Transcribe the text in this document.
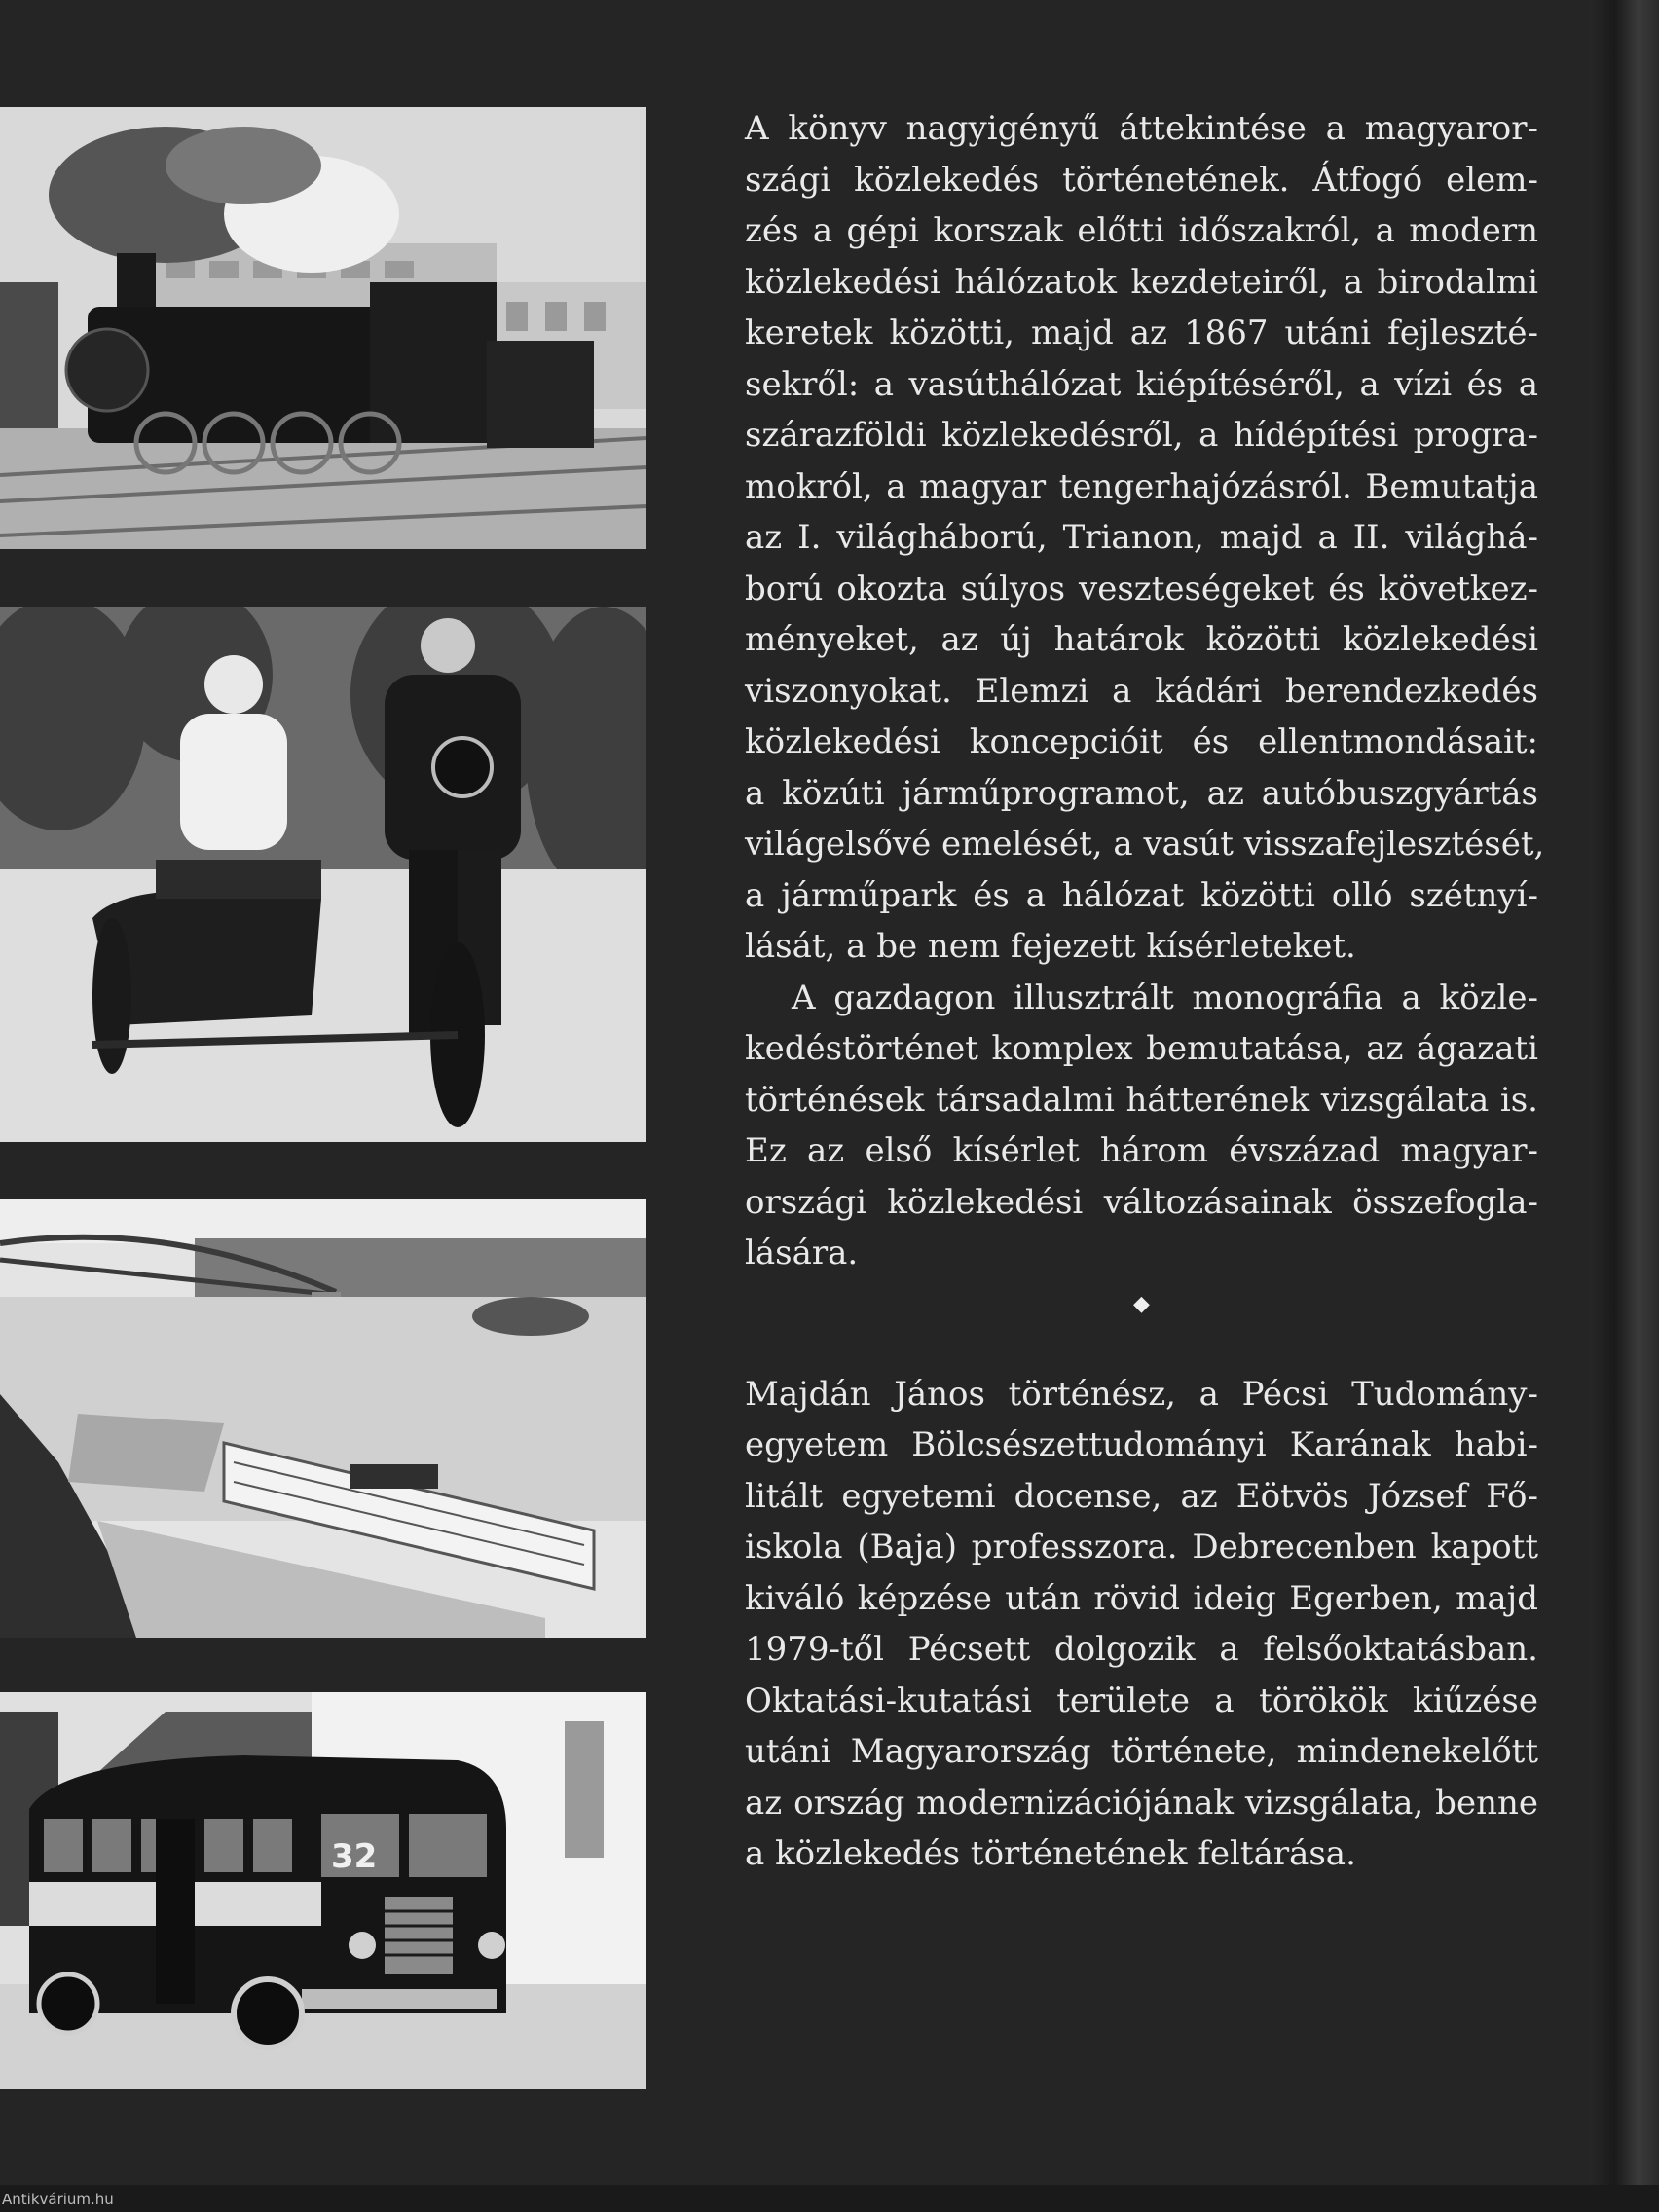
32

A könyv nagyigényű áttekintése a magyaror-
szági közlekedés történetének. Átfogó elem-
zés a gépi korszak előtti időszakról, a modern
közlekedési hálózatok kezdeteiről, a birodalmi
keretek közötti, majd az 1867 utáni fejleszté-
sekről: a vasúthálózat kiépítéséről, a vízi és a
szárazföldi közlekedésről, a hídépítési progra-
mokról, a magyar tengerhajózásról. Bemutatja
az I. világháború, Trianon, majd a II. világhá-
ború okozta súlyos veszteségeket és következ-
ményeket, az új határok közötti közlekedési
viszonyokat. Elemzi a kádári berendezkedés
közlekedési koncepcióit és ellentmondásait:
a közúti járműprogramot, az autóbuszgyártás
világelsővé emelését, a vasút visszafejlesztését,
a járműpark és a hálózat közötti olló szétnyí-
lását, a be nem fejezett kísérleteket.

A gazdagon illusztrált monográfia a közle-
kedéstörténet komplex bemutatása, az ágazati
történések társadalmi hátterének vizsgálata is.
Ez az első kísérlet három évszázad magyar-
országi közlekedési változásainak összefogla-
lására.

◆

Majdán János történész, a Pécsi Tudomány-
egyetem Bölcsészettudományi Karának habi-
litált egyetemi docense, az Eötvös József Fő-
iskola (Baja) professzora. Debrecenben kapott
kiváló képzése után rövid ideig Egerben, majd
1979-től Pécsett dolgozik a felsőoktatásban.
Oktatási-kutatási területe a törökök kiűzése
utáni Magyarország története, mindenekelőtt
az ország modernizációjának vizsgálata, benne
a közlekedés történetének feltárása.

Antikvárium.hu
